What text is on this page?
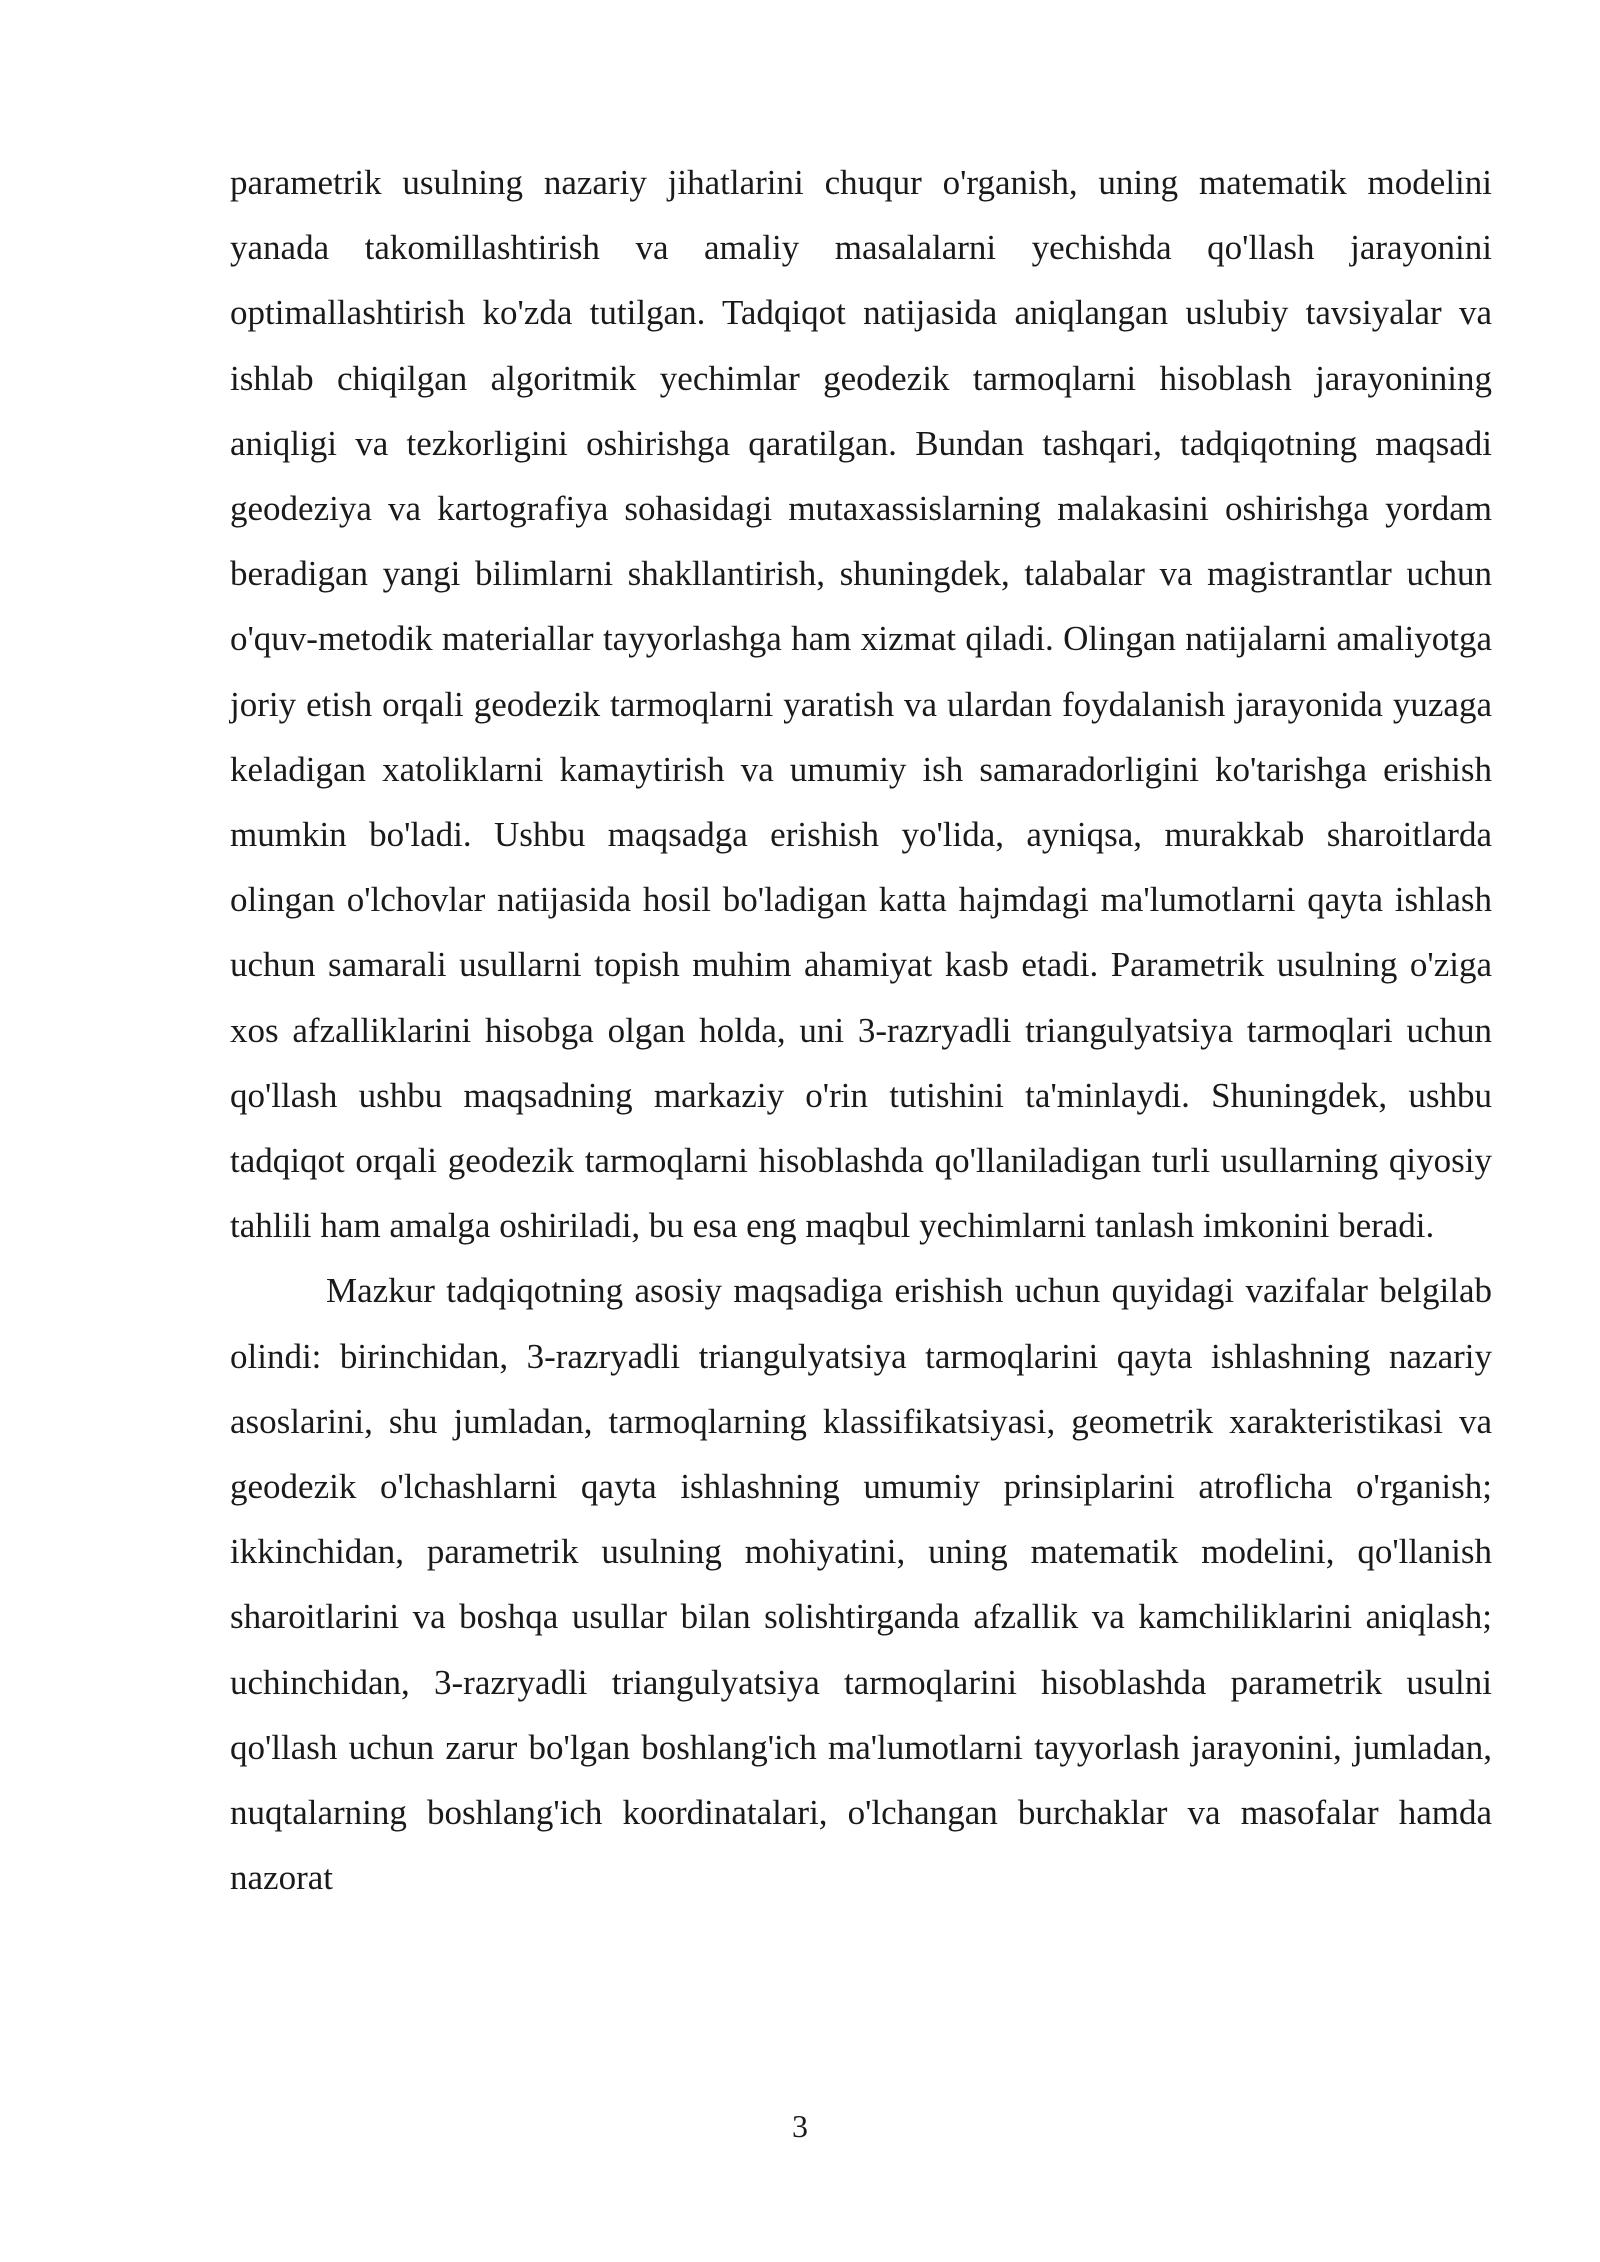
parametrik usulning nazariy jihatlarini chuqur o'rganish, uning matematik modelini yanada takomillashtirish va amaliy masalalarni yechishda qo'llash jarayonini optimallashtirish ko'zda tutilgan. Tadqiqot natijasida aniqlangan uslubiy tavsiyalar va ishlab chiqilgan algoritmik yechimlar geodezik tarmoqlarni hisoblash jarayonining aniqligi va tezkorligini oshirishga qaratilgan. Bundan tashqari, tadqiqotning maqsadi geodeziya va kartografiya sohasidagi mutaxassislarning malakasini oshirishga yordam beradigan yangi bilimlarni shakllantirish, shuningdek, talabalar va magistrantlar uchun o'quv-metodik materiallar tayyorlashga ham xizmat qiladi. Olingan natijalarni amaliyotga joriy etish orqali geodezik tarmoqlarni yaratish va ulardan foydalanish jarayonida yuzaga keladigan xatoliklarni kamaytirish va umumiy ish samaradorligini ko'tarishga erishish mumkin bo'ladi. Ushbu maqsadga erishish yo'lida, ayniqsa, murakkab sharoitlarda olingan o'lchovlar natijasida hosil bo'ladigan katta hajmdagi ma'lumotlarni qayta ishlash uchun samarali usullarni topish muhim ahamiyat kasb etadi. Parametrik usulning o'ziga xos afzalliklarini hisobga olgan holda, uni 3-razryadli triangulyatsiya tarmoqlari uchun qo'llash ushbu maqsadning markaziy o'rin tutishini ta'minlaydi. Shuningdek, ushbu tadqiqot orqali geodezik tarmoqlarni hisoblashda qo'llaniladigan turli usullarning qiyosiy tahlili ham amalga oshiriladi, bu esa eng maqbul yechimlarni tanlash imkonini beradi.

Mazkur tadqiqotning asosiy maqsadiga erishish uchun quyidagi vazifalar belgilab olindi: birinchidan, 3-razryadli triangulyatsiya tarmoqlarini qayta ishlashning nazariy asoslarini, shu jumladan, tarmoqlarning klassifikatsiyasi, geometrik xarakteristikasi va geodezik o'lchashlarni qayta ishlashning umumiy prinsiplarini atroflicha o'rganish; ikkinchidan, parametrik usulning mohiyatini, uning matematik modelini, qo'llanish sharoitlarini va boshqa usullar bilan solishtirganda afzallik va kamchiliklarini aniqlash; uchinchidan, 3-razryadli triangulyatsiya tarmoqlarini hisoblashda parametrik usulni qo'llash uchun zarur bo'lgan boshlang'ich ma'lumotlarni tayyorlash jarayonini, jumladan, nuqtalarning boshlang'ich koordinatalari, o'lchangan burchaklar va masofalar hamda nazorat

3
